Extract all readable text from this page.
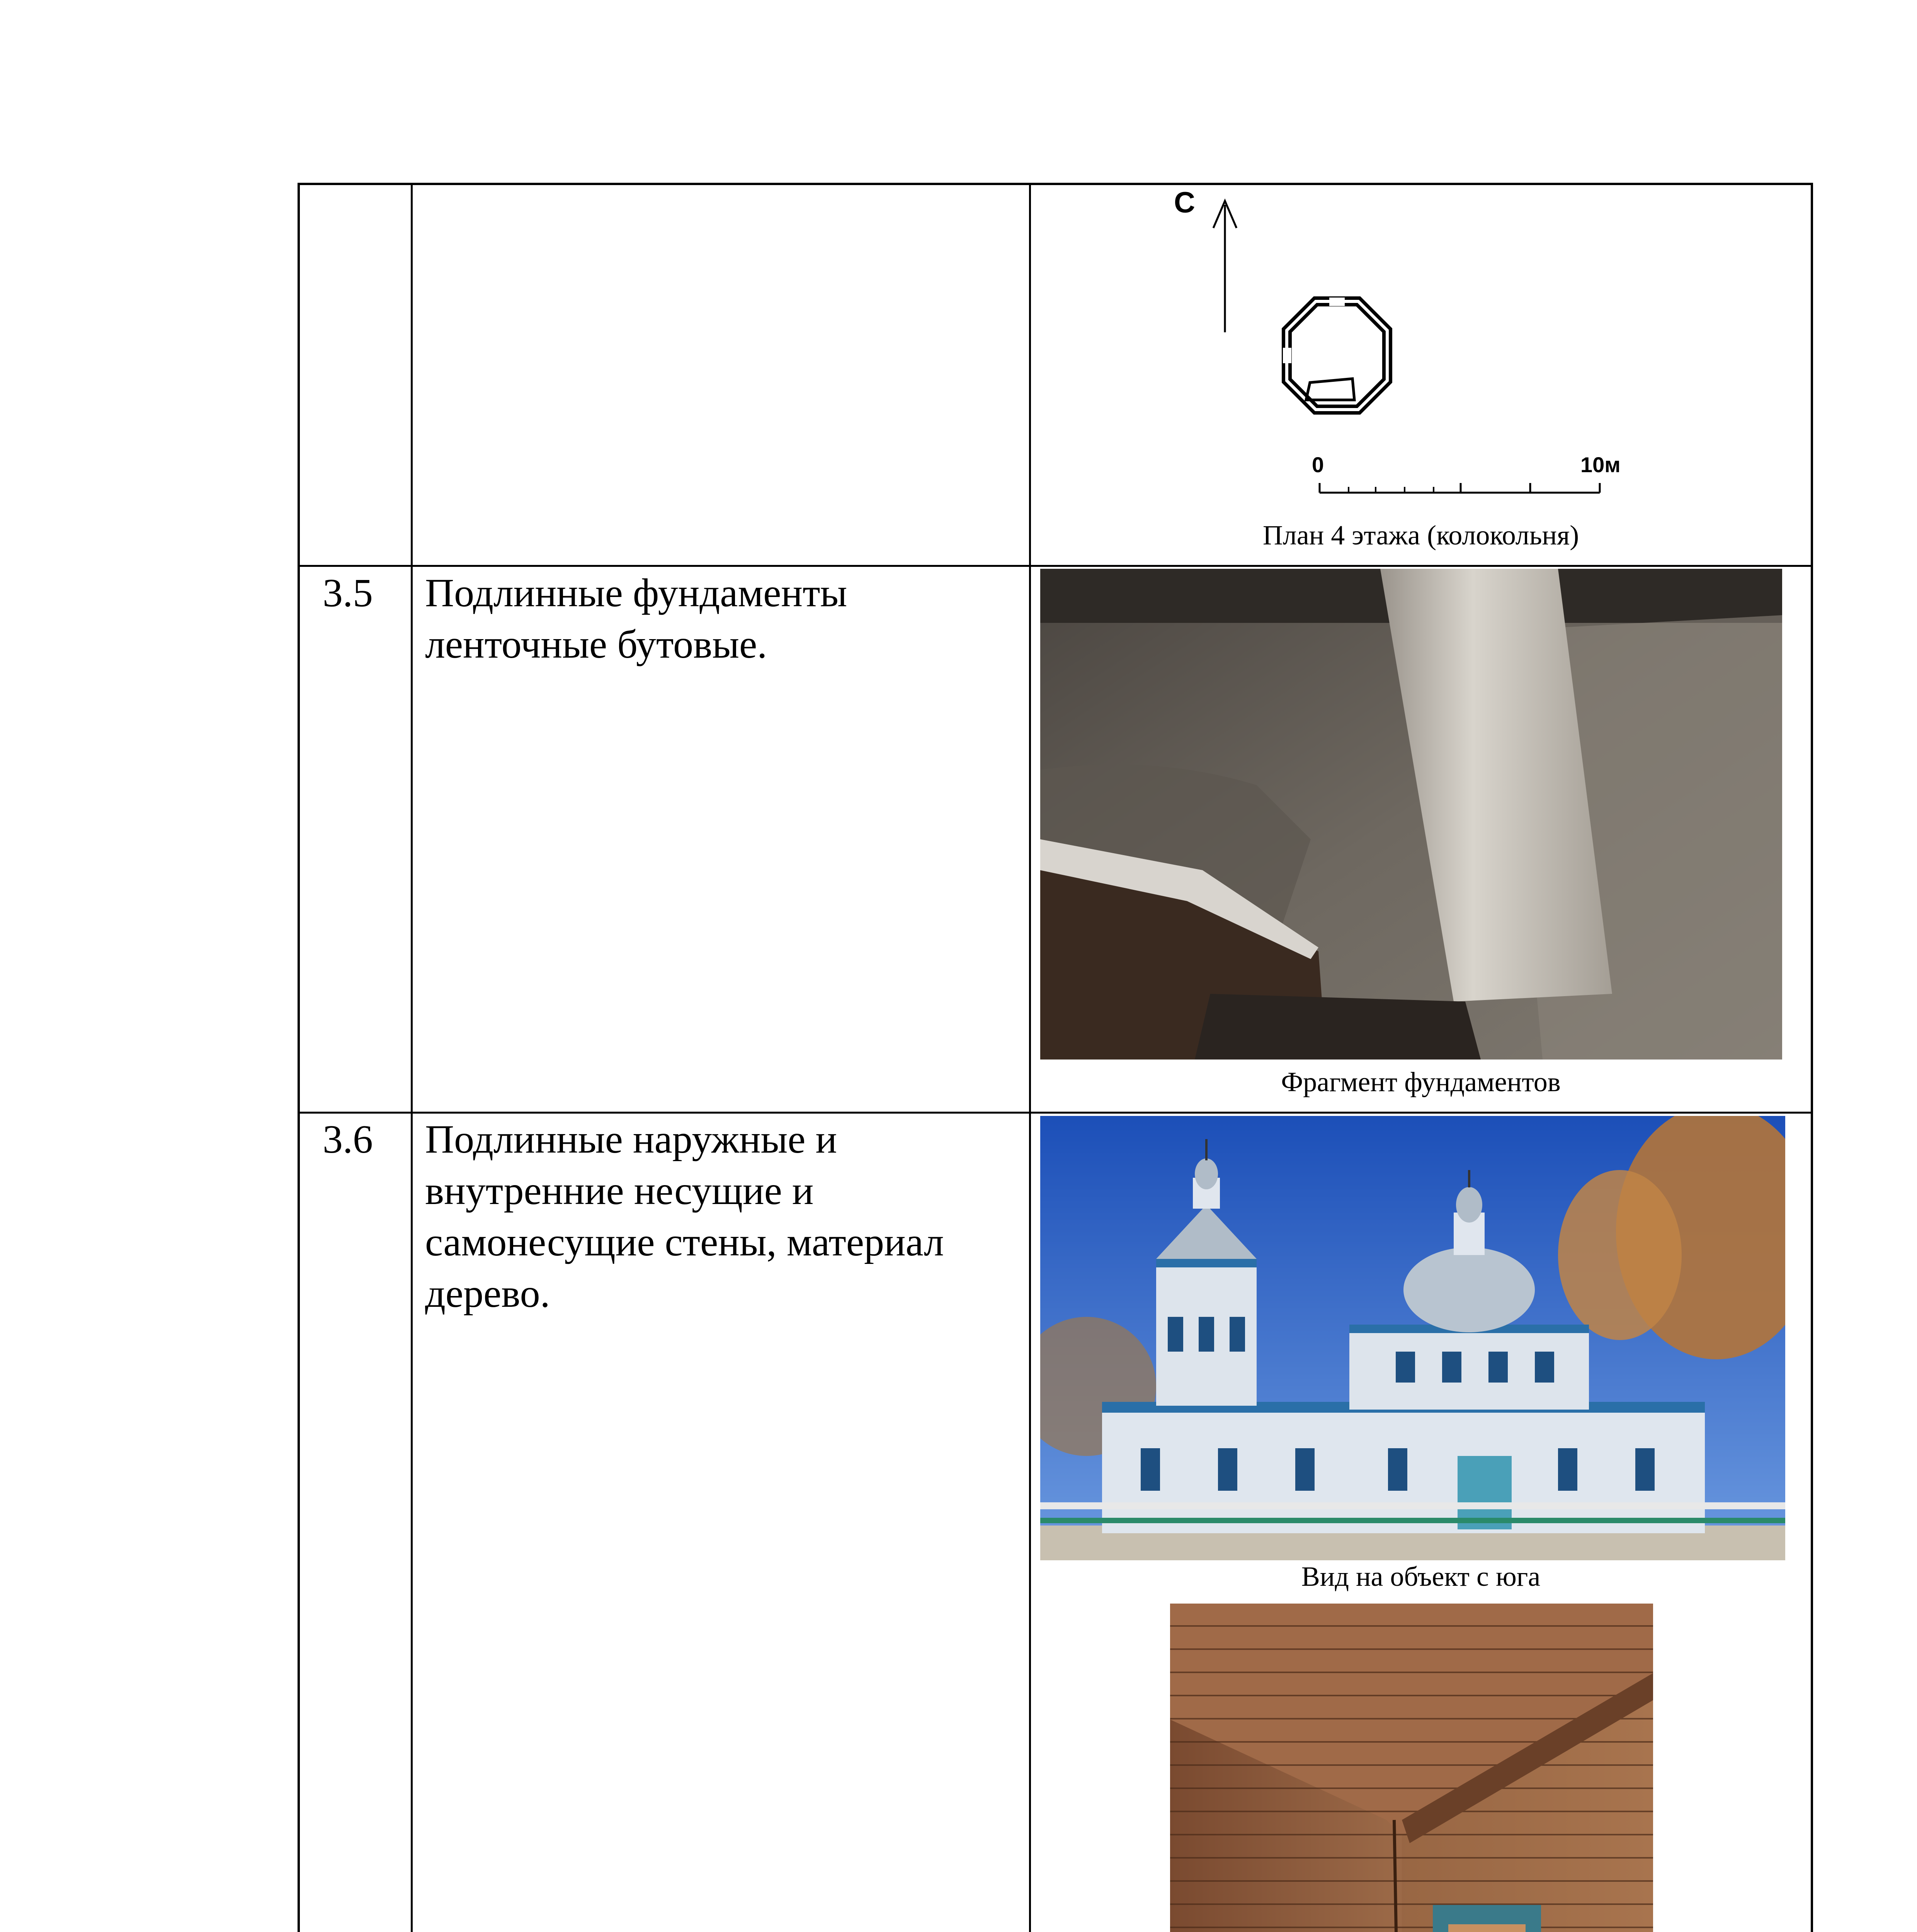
С
0	10м
План 4 этажа (колокольня)
3.5 Подлинные фундаменты ленточные бутовые.
Фрагмент фундаментов
3.6 Подлинные наружные и внутренние несущие и самонесущие стены, материал дерево.
Вид на объект с юга
